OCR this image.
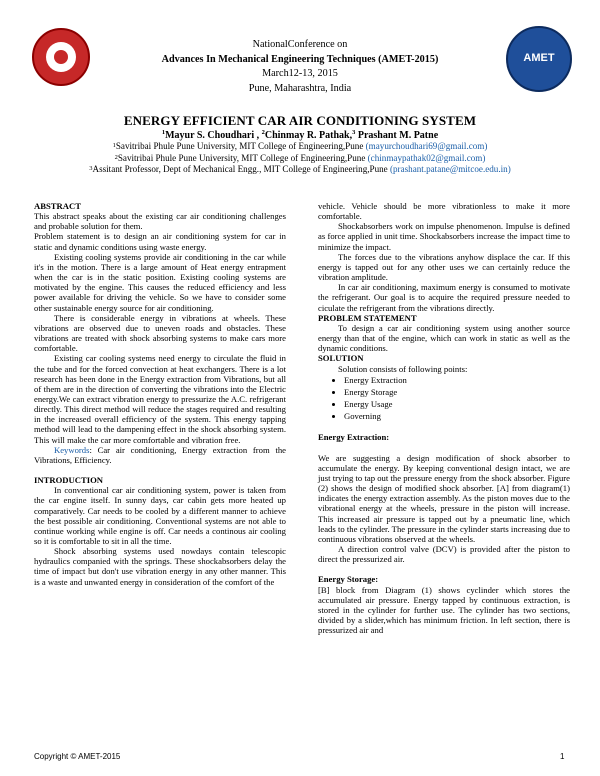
AMET
NationalConference on
Advances In Mechanical Engineering Techniques (AMET-2015)
March12-13, 2015
Pune, Maharashtra, India
ENERGY EFFICIENT CAR AIR CONDITIONING SYSTEM
$^1$Mayur S. Choudhari , $^2$Chinmay R. Pathak,$^3$ Prashant M. Patne
$^1$Savitribai Phule Pune University, MIT College of Engineering,Pune (mayurchoudhari69@gmail.com)
$^2$Savitribai Phule Pune University, MIT College of Engineering,Pune (chinmaypathak02@gmail.com)
$^3$Assitant Professor, Dept of Mechanical Engg., MIT College of Engineering,Pune (prashant.patane@mitcoe.edu.in)

ABSTRACT

This abstract speaks about the existing car air conditioning challenges and probable solution for them.

Problem statement is to design an air conditioning system for car in static and dynamic conditions using waste energy.

Existing cooling systems provide air conditioning in the car while it's in the motion. There is a large amount of Heat energy entrapment when the car is in the static position. Existing cooling systems are motivated by the engine. This causes the reduced efficiency and less power available for driving the vehicle. So we have to consider some other sustainable energy source for air conditioning.

There is considerable energy in vibrations at wheels. These vibrations are observed due to uneven roads and obstacles. These vibrations are treated with shock absorbing systems to make cars more comfortable.

Existing car cooling systems need energy to circulate the fluid in the tube and for the forced convection at heat exchangers. There is a lot research has been done in the Energy extraction from Vibrations, but all of them are in the direction of converting the vibrations into the Electric energy.We can extract vibration energy to pressurize the A.C. refrigerant directly. This direct method will reduce the stages required and resulting in the increased overall efficiency of the system. This energy tapping method will lead to the dampening effect in the shock absorbing system. This will make the car more comfortable and vibration free.

Keywords: Car air conditioning, Energy extraction from the Vibrations, Efficiency.

INTRODUCTION

In conventional car air conditioning system, power is taken from the car engine itself. In sunny days, car cabin gets more heated up comparatively. Car needs to be cooled by a different manner to achieve the best possible air conditioning. Conventional systems are not able to continue working while engine is off. Car needs a continous air cooling so it is comfortable to sit in all the time.

Shock absorbing systems used nowdays contain telescopic hydraulics companied with the springs. These shockabsorbers delay the time of impact but don't use vibration energy in any other manner. This is a waste and unwanted energy in consideration of the comfort of the

vehicle. Vehicle should be more vibrationless to make it more comfortable.

Shockabsorbers work on impulse phenomenon. Impulse is defined as force applied in unit time. Shockabsorbers increase the impact time to minimize the impact.

The forces due to the vibrations anyhow displace the car. If this energy is tapped out for any other uses we can certainly reduce the vibration amplitude.

In car air conditioning, maximum energy is consumed to motivate the refrigerant. Our goal is to acquire the required pressure needed to ciculate the refrigerant from the vibrations directly.

PROBLEM STATEMENT

To design a car air conditioning system using another source energy than that of the engine, which can work in static as well as the dynamic conditions.

SOLUTION

Solution consists of following points:

• Energy Extraction
• Energy Storage
• Energy Usage
• Governing

Energy Extraction:

We are suggesting a design modification of shock absorber to accumulate the energy. By keeping conventional design intact, we are just trying to tap out the pressure energy from the shock absorber. Figure (2) shows the design of modified shock absorber. [A] from diagram(1) indicates the energy extraction assembly. As the piston moves due to the vibrational energy at the wheels, pressure in the piston will increase. This increased air pressure is tapped out by a pneumatic line, which leads to the cylinder. The pressure in the cylinder starts increasing due to continuous vibrations observed at the wheels.

A direction control valve (DCV) is provided after the piston to direct the pressurized air.

Energy Storage:

[B] block from Diagram (1) shows cyclinder which stores the accumulated air pressure. Energy tapped by continuous extraction, is stored in the cylinder for further use. The cylinder has two sections, divided by a slider,which has minimum friction. In left section, there is pressurized air and

Copyright © AMET-2015	1
